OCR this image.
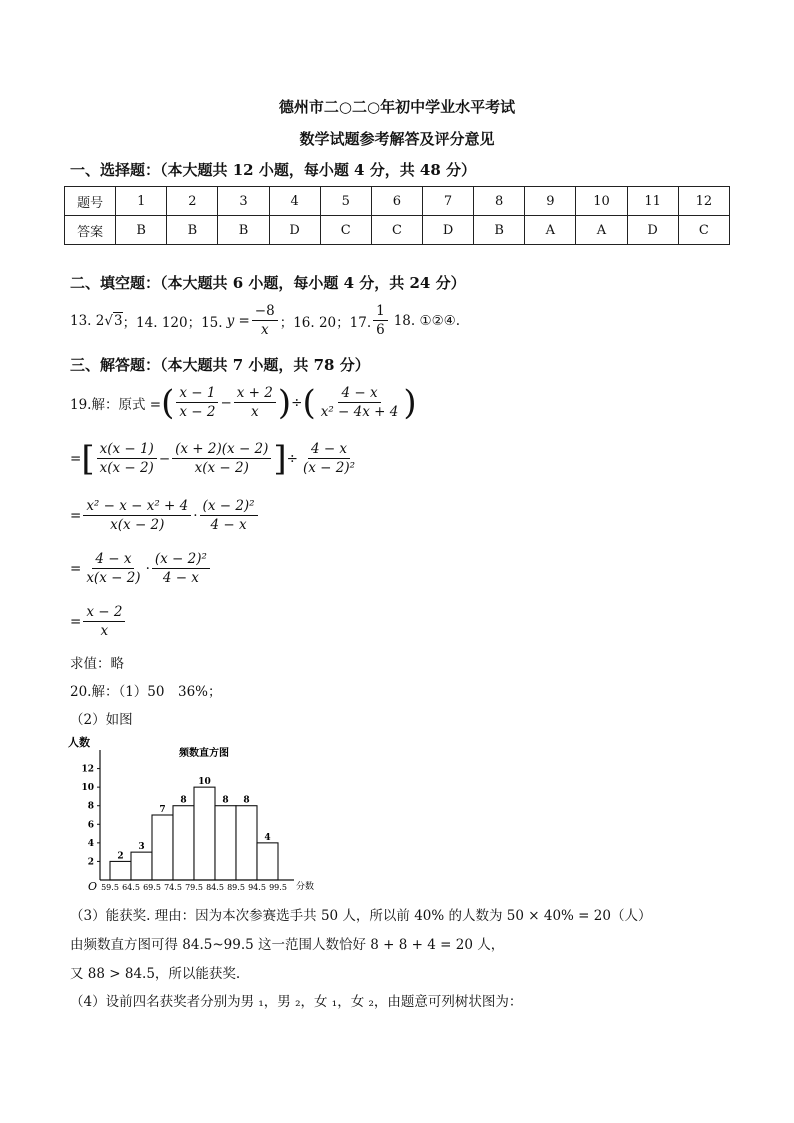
德州市二○二○年初中学业水平考试
数学试题参考解答及评分意见
一、选择题：（本大题共 12 小题，每小题 4 分，共 48 分）
题号	1	2	3	4	5	6	7	8	9	10	11	12
答案	B	B	B	D	C	C	D	B	A	A	D	C
二、填空题：（本大题共 6 小题，每小题 4 分，共 24 分）
13. 2 √3 ；14. 120；15. $y = \frac{-8}{x}$ ；16. 20；17. $\frac{1}{6} 18$. ①②④.
三、解答题：（本大题共 7 小题，共 78 分）
19.解：原式 = ( $\frac{x - 1}{x - 2} - \frac{x + 2}{x}$ ) ÷ ( $\frac{4 - x}{\text{x² − 4x + 4}}$ )
= [ $\frac{x(x - 1)}{x(x - 2)} - \frac{(x + 2)(x - 2)}{x(x - 2)}$ ] ÷ $\frac{4 - x}{\text{(x − 2)²}}$
= $\frac{\text{x² − x − x² + 4}}{x(x - 2)} \cdot \frac{\text{(x − 2)²}}{4 - x}$
= $\frac{4 - x}{x(x - 2)} \cdot \frac{\text{(x − 2)²}}{4 - x}$
= $\frac{x - 2}{x}$
求值：略
20.解：（1）50　36%；
（2）如图
人数
频数直方图
O	分数
2
3
7
8
10
8 8
4
59.5 64.5 69.5 74.5 79.5 84.5 89.5 94.5 99.5
2
4
6
8
10
12
（3）能获奖. 理由：因为本次参赛选手共 50 人，所以前 40% 的人数为 50 × 40% = 20（人）
由频数直方图可得 84.5~99.5 这一范围人数恰好 8 + 8 + 4 = 20 人，
又 88 > 84.5，所以能获奖.
（4）设前四名获奖者分别为男 ₁，男 ₂，女 ₁，女 ₂，由题意可列树状图为：
